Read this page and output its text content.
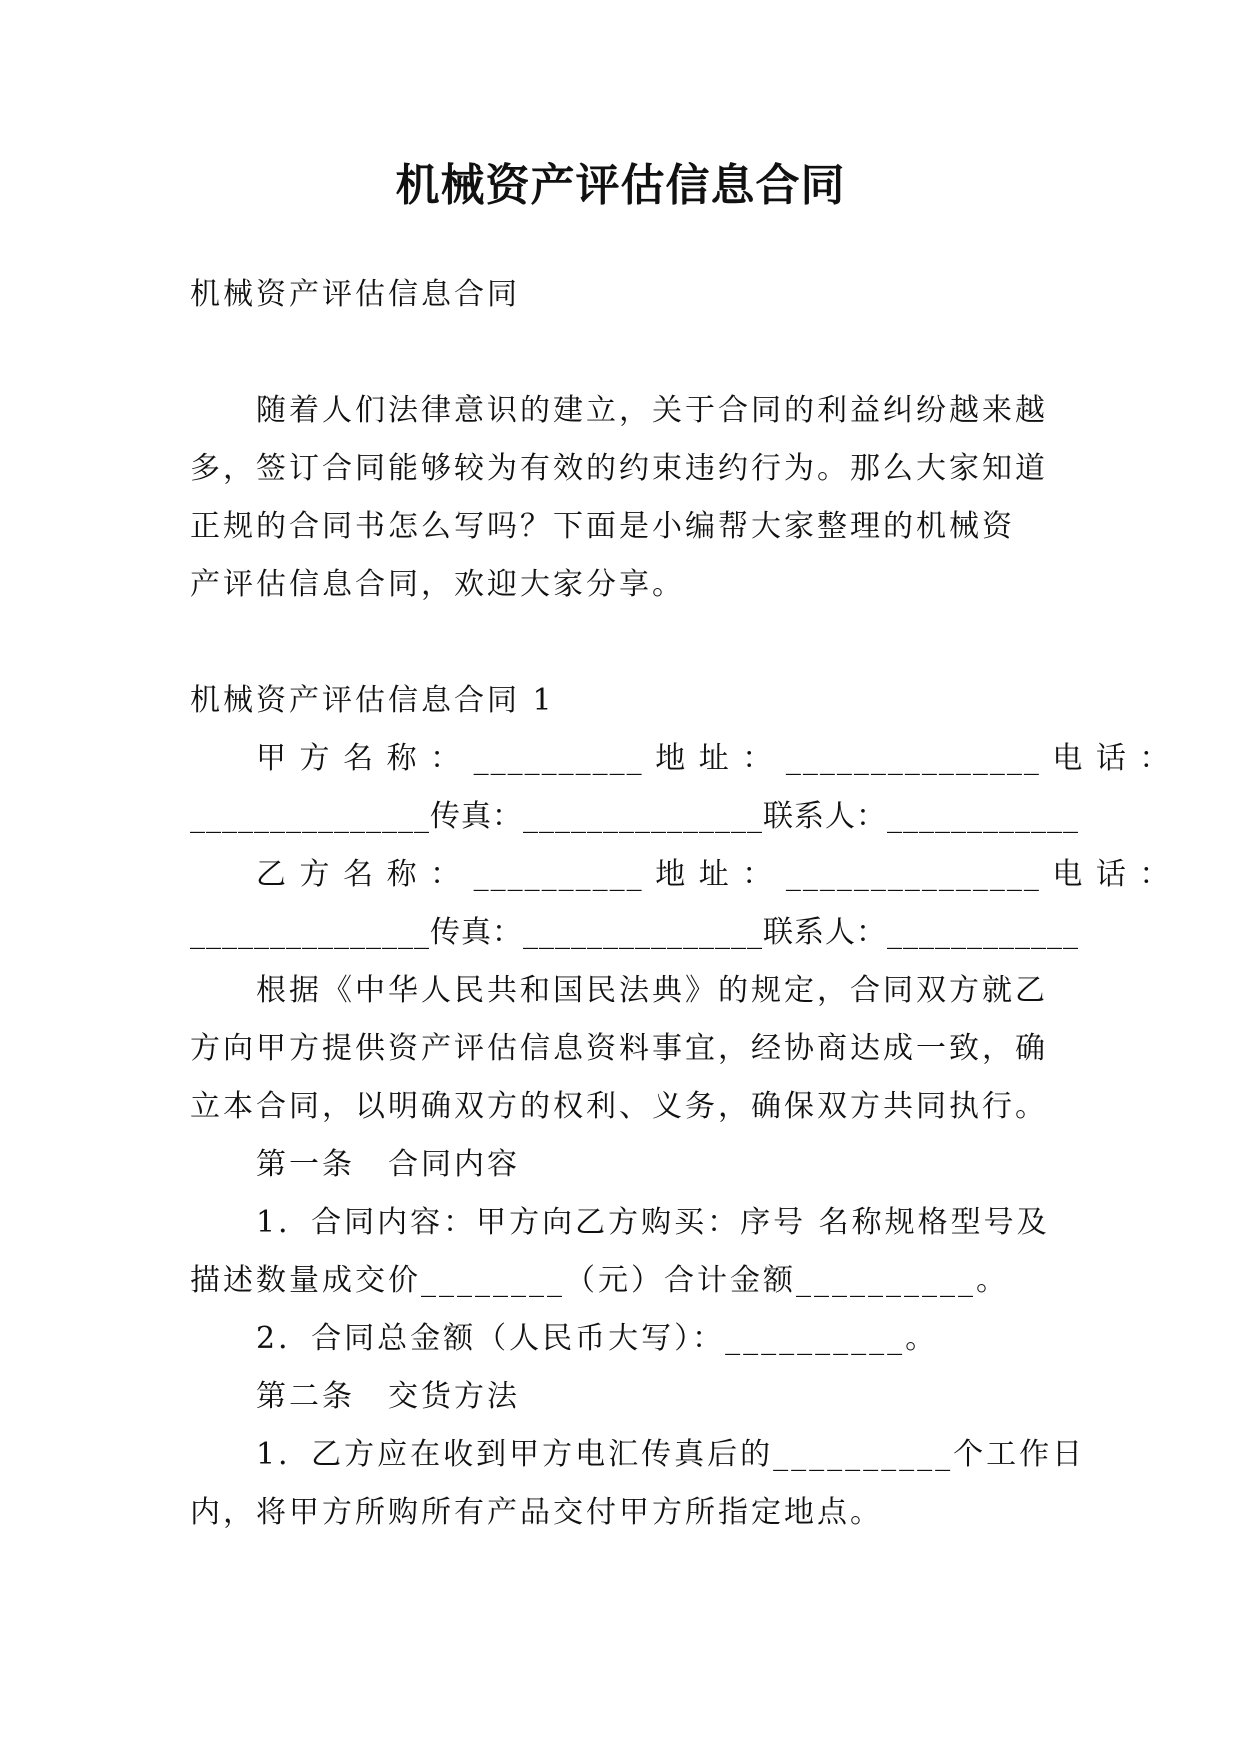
机械资产评估信息合同
机械资产评估信息合同
随着人们法律意识的建立，关于合同的利益纠纷越来越
多，签订合同能够较为有效的约束违约行为。那么大家知道
正规的合同书怎么写吗？下面是小编帮大家整理的机械资
产评估信息合同，欢迎大家分享。
机械资产评估信息合同 1
甲 方 名 称 ： __________ 地 址 ： _______________ 电 话 ：
_______________传真：_______________联系人：____________
乙 方 名 称 ： __________ 地 址 ： _______________ 电 话 ：
_______________传真：_______________联系人：____________
根据《中华人民共和国民法典》的规定，合同双方就乙
方向甲方提供资产评估信息资料事宜，经协商达成一致，确
立本合同，以明确双方的权利、义务，确保双方共同执行。
第一条　合同内容
1．合同内容：甲方向乙方购买：序号 名称规格型号及
描述数量成交价________（元）合计金额__________。
2．合同总金额（人民币大写）：__________。
第二条　交货方法
1．乙方应在收到甲方电汇传真后的__________个工作日
内，将甲方所购所有产品交付甲方所指定地点。
